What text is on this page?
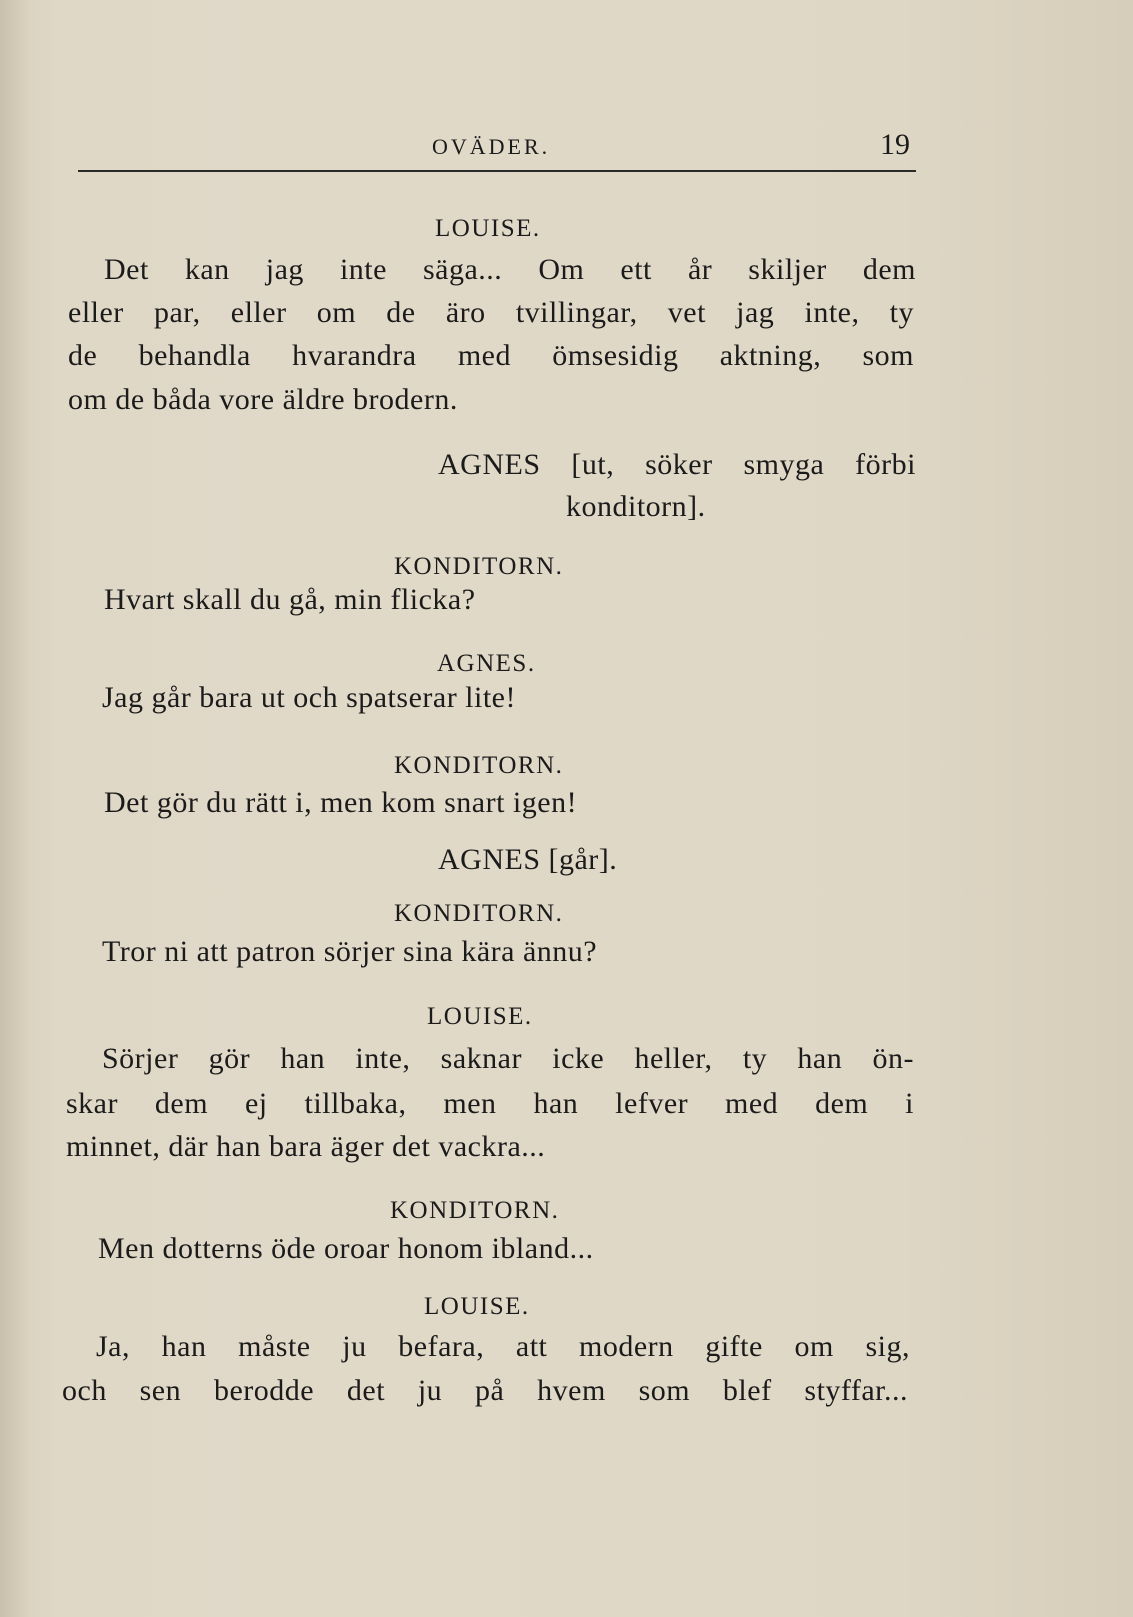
OVÄDER.	19
LOUISE.
Det kan jag inte säga... Om ett år skiljer dem
eller par, eller om de äro tvillingar, vet jag inte, ty
de behandla hvarandra med ömsesidig aktning, som
om de båda vore äldre brodern.
AGNES [ut, söker smyga förbi
konditorn].
KONDITORN.
Hvart skall du gå, min flicka?
AGNES.
Jag går bara ut och spatserar lite!
KONDITORN.
Det gör du rätt i, men kom snart igen!
AGNES [går].
KONDITORN.
Tror ni att patron sörjer sina kära ännu?
LOUISE.
Sörjer gör han inte, saknar icke heller, ty han ön-
skar dem ej tillbaka, men han lefver med dem i
minnet, där han bara äger det vackra...
KONDITORN.
Men dotterns öde oroar honom ibland...
LOUISE.
Ja, han måste ju befara, att modern gifte om sig,
och sen berodde det ju på hvem som blef styffar...
